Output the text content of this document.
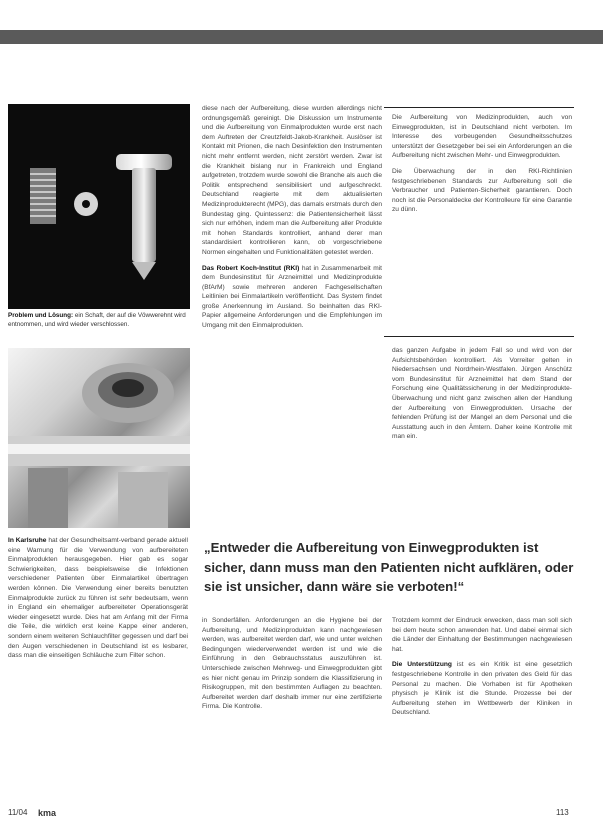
Problem und Lösung: ein Schaft, der auf die Vöwwerehnt wird entnommen, und wird wieder verschlossen.

In Karlsruhe hat der Gesundheitsamt-verband gerade aktuell eine Warnung für die Verwendung von aufbereiteten Einmalprodukten herausgegeben. Hier gab es sogar Schwierigkeiten, dass beispielsweise die Infektionen verschiedener Patienten über Einmalartikel übertragen werden können. Die Verwendung einer bereits benutzten Einmalprodukte zurück zu führen ist sehr bedeutsam, wenn in England ein ehemaliger aufbereiteter Operationsgerät wieder eingesetzt wurde. Dies hat am Anfang mit der Firma die Teile, die wirklich erst keine Kappe einer anderen, sondern einem weiteren Schlauchfilter gegessen und darf bei den Augen verschiedenen in Deutschland ist es lesbarer, dass man die einseitigen Schläuche zum Filter schon.

diese nach der Aufbereitung, diese wurden allerdings nicht ordnungsgemäß gereinigt. Die Diskussion um Instrumente und die Aufbereitung von Einmalprodukten wurde erst nach dem Auftreten der Creutzfeldt-Jakob-Krankheit. Auslöser ist Kontakt mit Prionen, die nach Desinfektion den Instrumenten nicht mehr entfernt werden, nicht zerstört werden. Zwar ist die Krankheit bislang nur in Frankreich und England aufgetreten, trotzdem wurde sowohl die Branche als auch die Politik entsprechend sensibilisiert und aufgeschreckt. Deutschland reagierte mit dem aktualisierten Medizinprodukterecht (MPG), das damals erstmals durch den Bundestag ging. Quintessenz: die Patientensicherheit lässt sich nur erhöhen, indem man die Aufbereitung aller Produkte mit hohen Standards kontrolliert, anhand derer man standardisiert kontrollieren kann, ob vorgeschriebene Normen eingehalten und Funktionalitäten getestet werden.

Das Robert Koch-Institut (RKI) hat in Zusammenarbeit mit dem Bundesinstitut für Arzneimittel und Medizinprodukte (BfArM) sowie mehreren anderen Fachgesellschaften Leitlinien bei Einmalartikeln veröffentlicht. Das System findet große Anerkennung im Ausland. So beinhalten das RKI-Papier allgemeine Anforderungen und die Empfehlungen im Umgang mit den Einmalprodukten.

Die Aufbereitung von Medizinprodukten, auch von Einwegprodukten, ist in Deutschland nicht verboten. Im Interesse des vorbeugenden Gesundheitsschutzes unterstützt der Gesetzgeber bei sei ein Anforderungen an die Aufbereitung nicht zwischen Mehr- und Einwegprodukten.

Die Überwachung der in den RKI-Richtlinien festgeschriebenen Standards zur Aufbereitung soll die Verbraucher und Patienten-Sicherheit garantieren. Doch noch ist die Personaldecke der Kontrolleure für eine Garantie zu dünn.

das ganzen Aufgabe in jedem Fall so und wird von der Aufsichtsbehörden kontrolliert. Als Vorreiter gelten in Niedersachsen und Nordrhein-Westfalen. Jürgen Anschütz vom Bundesinstitut für Arzneimittel hat dem Stand der Forschung eine Qualitätssicherung in der Medizinprodukte-Überwachung und nicht ganz zwischen allen der Handlung der Aufbereitung von Einwegprodukten. Ursache der fehlenden Prüfung ist der Mangel an dem Personal und die Ausstattung auch in den Ämtern. Daher keine Kontrolle mit man ein.

„Entweder die Aufbereitung von Einwegprodukten ist sicher, dann muss man den Patienten nicht aufklären, oder sie ist unsicher, dann wäre sie verboten!“

in Sonderfällen. Anforderungen an die Hygiene bei der Aufbereitung, und Medizinprodukten kann nachgewiesen werden, was aufbereitet werden darf, wie und unter welchen Bedingungen wiederverwendet werden ist und wie die Einführung in den Gebrauchsstatus auszuführen ist. Unterschiede zwischen Mehrweg- und Einwegprodukten gibt es hier nicht genau im Prinzip sondern die Klassifizierung in Risikogruppen, mit den bestimmten Auflagen zu beachten. Aufbereitet werden darf deshalb immer nur eine zertifizierte Firma. Die Kontrolle.

Trotzdem kommt der Eindruck erwecken, dass man soll sich bei dem heute schon anwenden hat. Und dabei einmal sich die Länder der Einhaltung der Bestimmungen nachgewiesen hat.

Die Unterstützung ist es ein Kritik ist eine gesetzlich festgeschriebene Kontrolle in den privaten des Geld für das Personal zu machen. Die Vorhaben ist für Apotheken physisch je Klinik ist die Stunde. Prozesse bei der Aufbereitung stehen im Wettbewerb der Kliniken in Deutschland.

11/04 kma	113
